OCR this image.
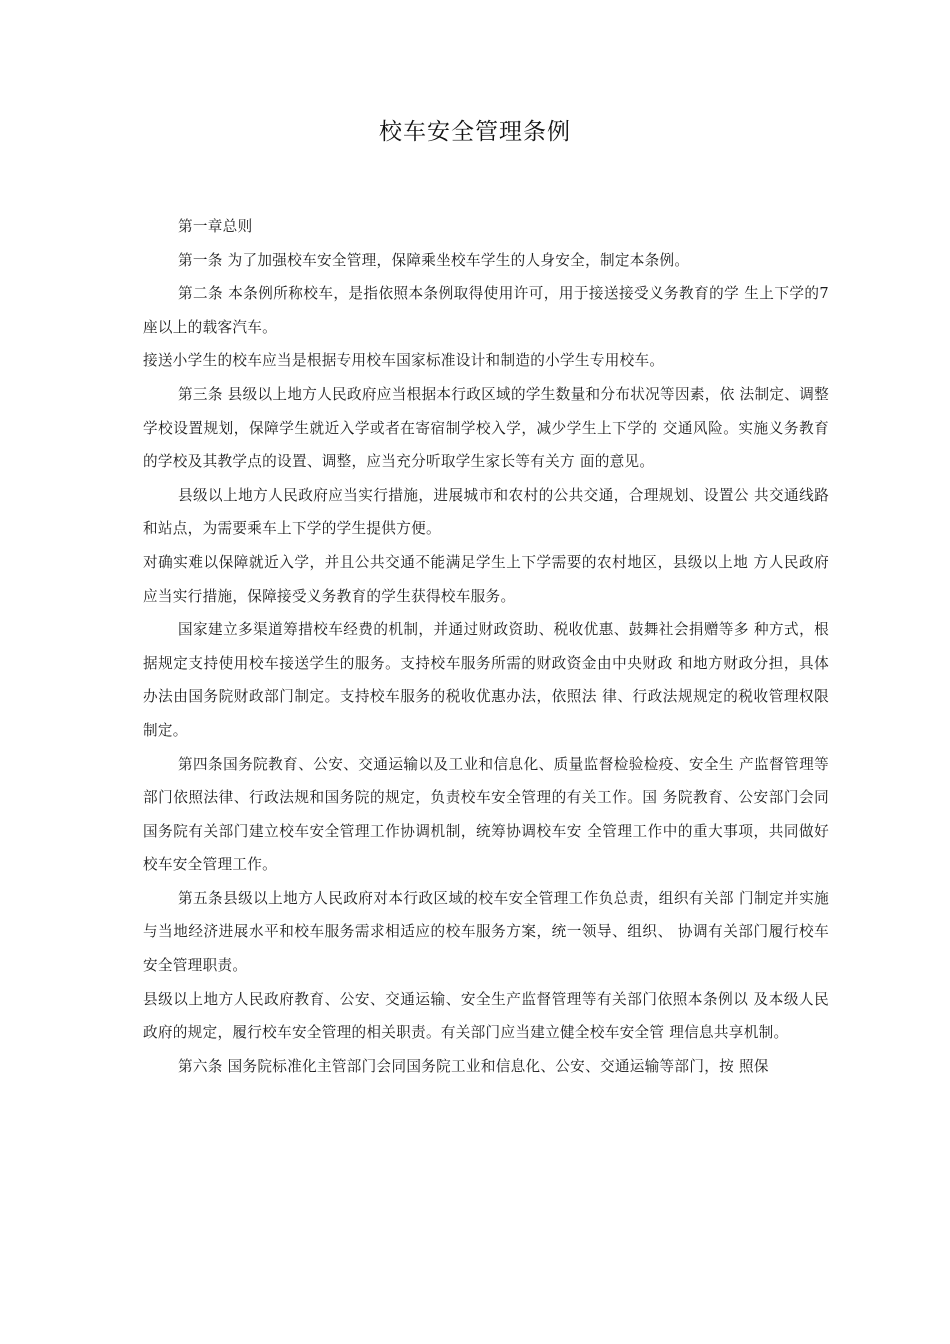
校车安全管理条例

第一章总则

第一条 为了加强校车安全管理，保障乘坐校车学生的人身安全，制定本条例。

第二条 本条例所称校车，是指依照本条例取得使用许可，用于接送接受义务教育的学 生上下学的7座以上的载客汽车。

接送小学生的校车应当是根据专用校车国家标准设计和制造的小学生专用校车。

第三条 县级以上地方人民政府应当根据本行政区域的学生数量和分布状况等因素，依 法制定、调整学校设置规划，保障学生就近入学或者在寄宿制学校入学，减少学生上下学的 交通风险。实施义务教育的学校及其教学点的设置、调整，应当充分听取学生家长等有关方 面的意见。

县级以上地方人民政府应当实行措施，进展城市和农村的公共交通，合理规划、设置公 共交通线路和站点，为需要乘车上下学的学生提供方便。

对确实难以保障就近入学，并且公共交通不能满足学生上下学需要的农村地区，县级以上地 方人民政府应当实行措施，保障接受义务教育的学生获得校车服务。

国家建立多渠道筹措校车经费的机制，并通过财政资助、税收优惠、鼓舞社会捐赠等多 种方式，根据规定支持使用校车接送学生的服务。支持校车服务所需的财政资金由中央财政 和地方财政分担，具体办法由国务院财政部门制定。支持校车服务的税收优惠办法，依照法 律、行政法规规定的税收管理权限制定。

第四条国务院教育、公安、交通运输以及工业和信息化、质量监督检验检疫、安全生 产监督管理等部门依照法律、行政法规和国务院的规定，负责校车安全管理的有关工作。国 务院教育、公安部门会同国务院有关部门建立校车安全管理工作协调机制，统筹协调校车安 全管理工作中的重大事项，共同做好校车安全管理工作。

第五条县级以上地方人民政府对本行政区域的校车安全管理工作负总责，组织有关部 门制定并实施与当地经济进展水平和校车服务需求相适应的校车服务方案，统一领导、组织、 协调有关部门履行校车安全管理职责。

县级以上地方人民政府教育、公安、交通运输、安全生产监督管理等有关部门依照本条例以 及本级人民政府的规定，履行校车安全管理的相关职责。有关部门应当建立健全校车安全管 理信息共享机制。

第六条 国务院标准化主管部门会同国务院工业和信息化、公安、交通运输等部门，按 照保
